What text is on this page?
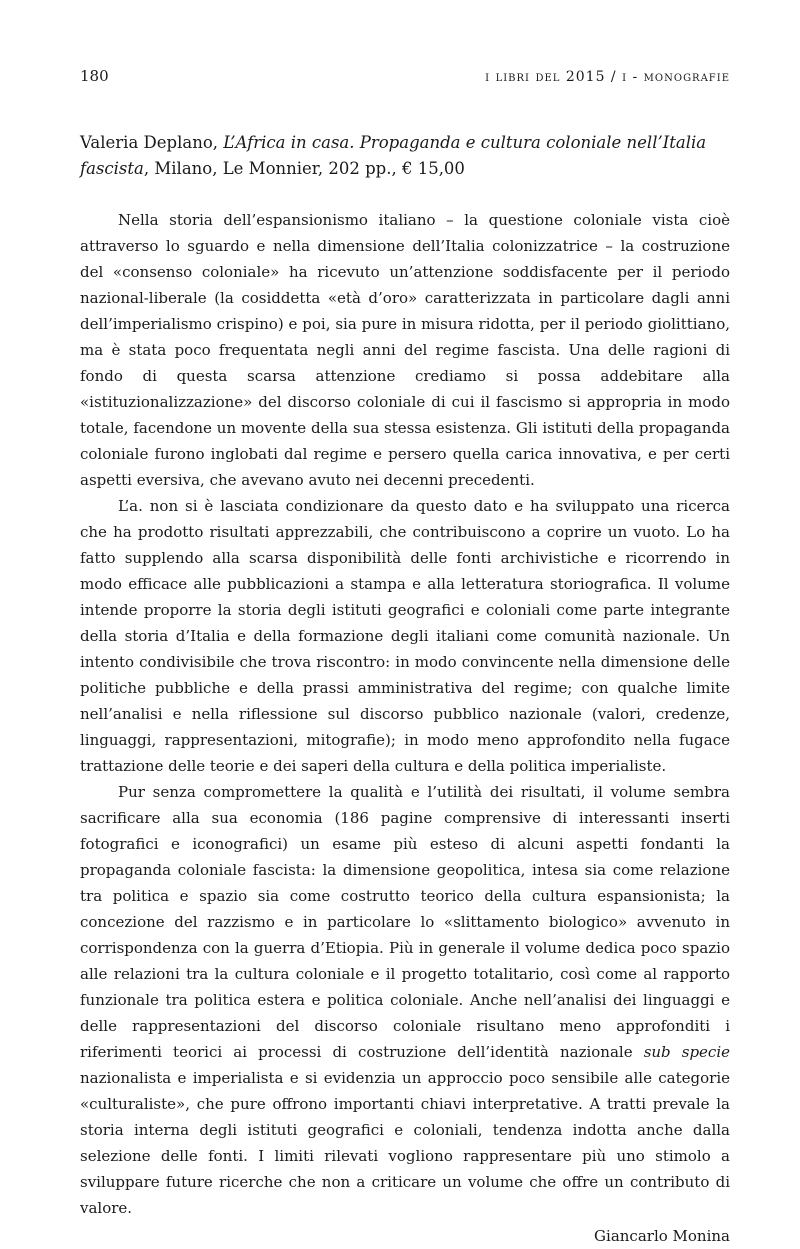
180	i libri del 2015 / i - monografie

Valeria Deplano, L’Africa in casa. Propaganda e cultura coloniale nell’Italia fascista, Milano, Le Monnier, 202 pp., € 15,00

Nella storia dell’espansionismo italiano – la questione coloniale vista cioè attraverso lo sguardo e nella dimensione dell’Italia colonizzatrice – la costruzione del «consenso coloniale» ha ricevuto un’attenzione soddisfacente per il periodo nazional-liberale (la cosiddetta «età d’oro» caratterizzata in particolare dagli anni dell’imperialismo crispino) e poi, sia pure in misura ridotta, per il periodo giolittiano, ma è stata poco frequentata negli anni del regime fascista. Una delle ragioni di fondo di questa scarsa attenzione crediamo si possa addebitare alla «istituzionalizzazione» del discorso coloniale di cui il fascismo si appropria in modo totale, facendone un movente della sua stessa esistenza. Gli istituti della propaganda coloniale furono inglobati dal regime e persero quella carica innovativa, e per certi aspetti eversiva, che avevano avuto nei decenni precedenti.

L’a. non si è lasciata condizionare da questo dato e ha sviluppato una ricerca che ha prodotto risultati apprezzabili, che contribuiscono a coprire un vuoto. Lo ha fatto supplendo alla scarsa disponibilità delle fonti archivistiche e ricorrendo in modo efficace alle pubblicazioni a stampa e alla letteratura storiografica. Il volume intende proporre la storia degli istituti geografici e coloniali come parte integrante della storia d’Italia e della formazione degli italiani come comunità nazionale. Un intento condivisibile che trova riscontro: in modo convincente nella dimensione delle politiche pubbliche e della prassi amministrativa del regime; con qualche limite nell’analisi e nella riflessione sul discorso pubblico nazionale (valori, credenze, linguaggi, rappresentazioni, mitografie); in modo meno approfondito nella fugace trattazione delle teorie e dei saperi della cultura e della politica imperialiste.

Pur senza compromettere la qualità e l’utilità dei risultati, il volume sembra sacrificare alla sua economia (186 pagine comprensive di interessanti inserti fotografici e iconografici) un esame più esteso di alcuni aspetti fondanti la propaganda coloniale fascista: la dimensione geopolitica, intesa sia come relazione tra politica e spazio sia come costrutto teorico della cultura espansionista; la concezione del razzismo e in particolare lo «slittamento biologico» avvenuto in corrispondenza con la guerra d’Etiopia. Più in generale il volume dedica poco spazio alle relazioni tra la cultura coloniale e il progetto totalitario, così come al rapporto funzionale tra politica estera e politica coloniale. Anche nell’analisi dei linguaggi e delle rappresentazioni del discorso coloniale risultano meno approfonditi i riferimenti teorici ai processi di costruzione dell’identità nazionale sub specie nazionalista e imperialista e si evidenzia un approccio poco sensibile alle categorie «culturaliste», che pure offrono importanti chiavi interpretative. A tratti prevale la storia interna degli istituti geografici e coloniali, tendenza indotta anche dalla selezione delle fonti. I limiti rilevati vogliono rappresentare più uno stimolo a sviluppare future ricerche che non a criticare un volume che offre un contributo di valore.

Giancarlo Monina
